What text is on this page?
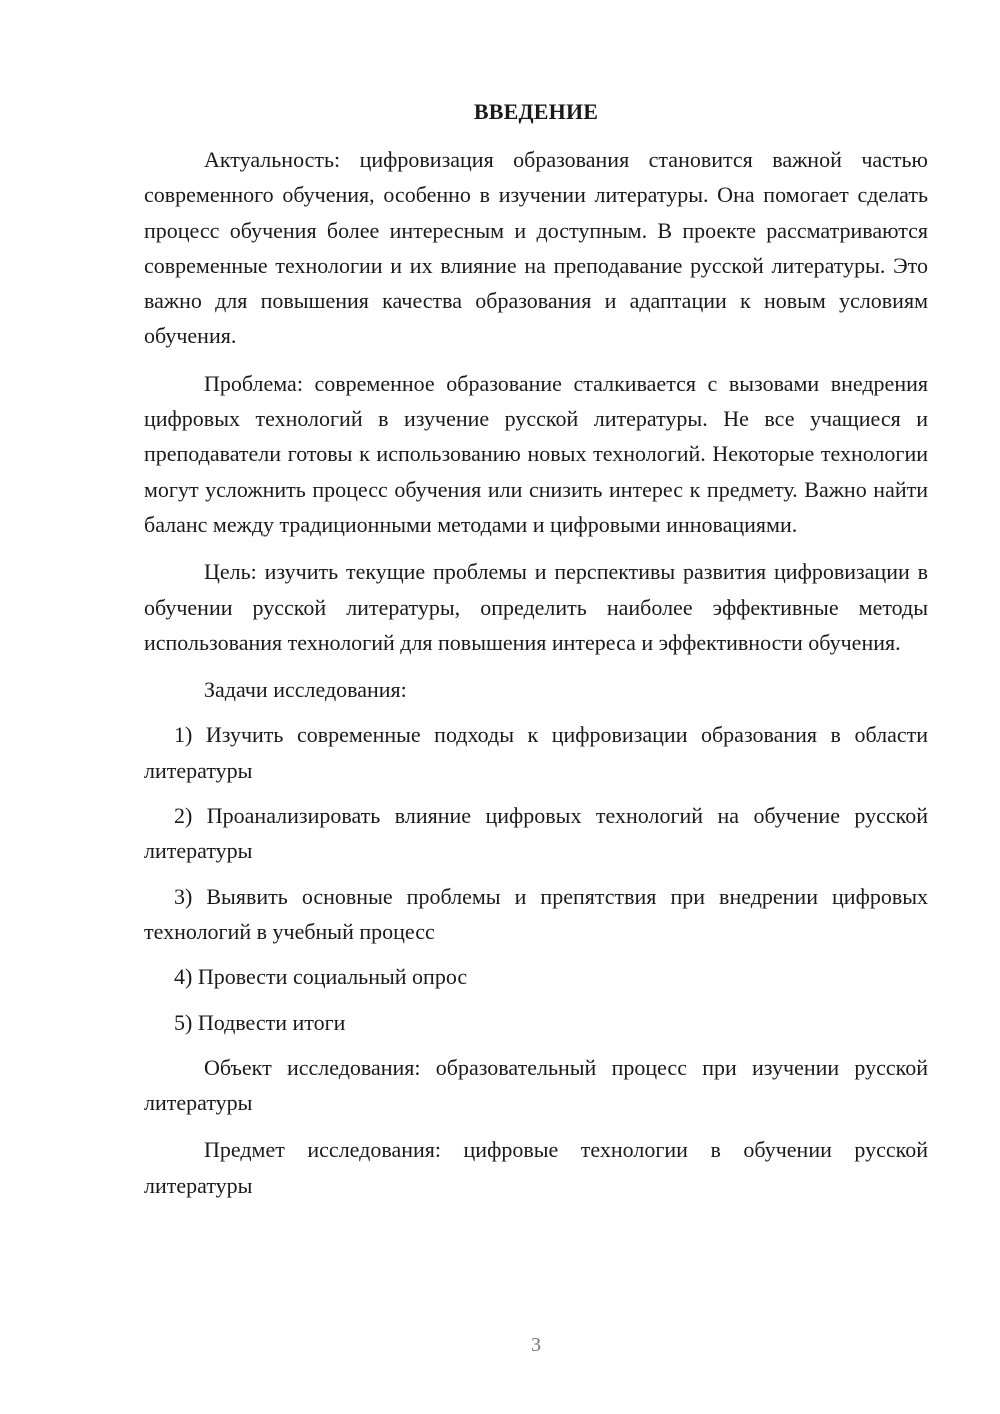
ВВЕДЕНИЕ

Актуальность: цифровизация образования становится важной частью современного обучения, особенно в изучении литературы. Она помогает сделать процесс обучения более интересным и доступным. В проекте рассматриваются современные технологии и их влияние на преподавание русской литературы. Это важно для повышения качества образования и адаптации к новым условиям обучения.

Проблема: современное образование сталкивается с вызовами внедрения цифровых технологий в изучение русской литературы. Не все учащиеся и преподаватели готовы к использованию новых технологий. Некоторые технологии могут усложнить процесс обучения или снизить интерес к предмету. Важно найти баланс между традиционными методами и цифровыми инновациями.

Цель: изучить текущие проблемы и перспективы развития цифровизации в обучении русской литературы, определить наиболее эффективные методы использования технологий для повышения интереса и эффективности обучения.

Задачи исследования:

1) Изучить современные подходы к цифровизации образования в области литературы

2) Проанализировать влияние цифровых технологий на обучение русской литературы

3) Выявить основные проблемы и препятствия при внедрении цифровых технологий в учебный процесс

4) Провести социальный опрос

5) Подвести итоги

Объект исследования: образовательный процесс при изучении русской литературы

Предмет исследования: цифровые технологии в обучении русской литературы

3
